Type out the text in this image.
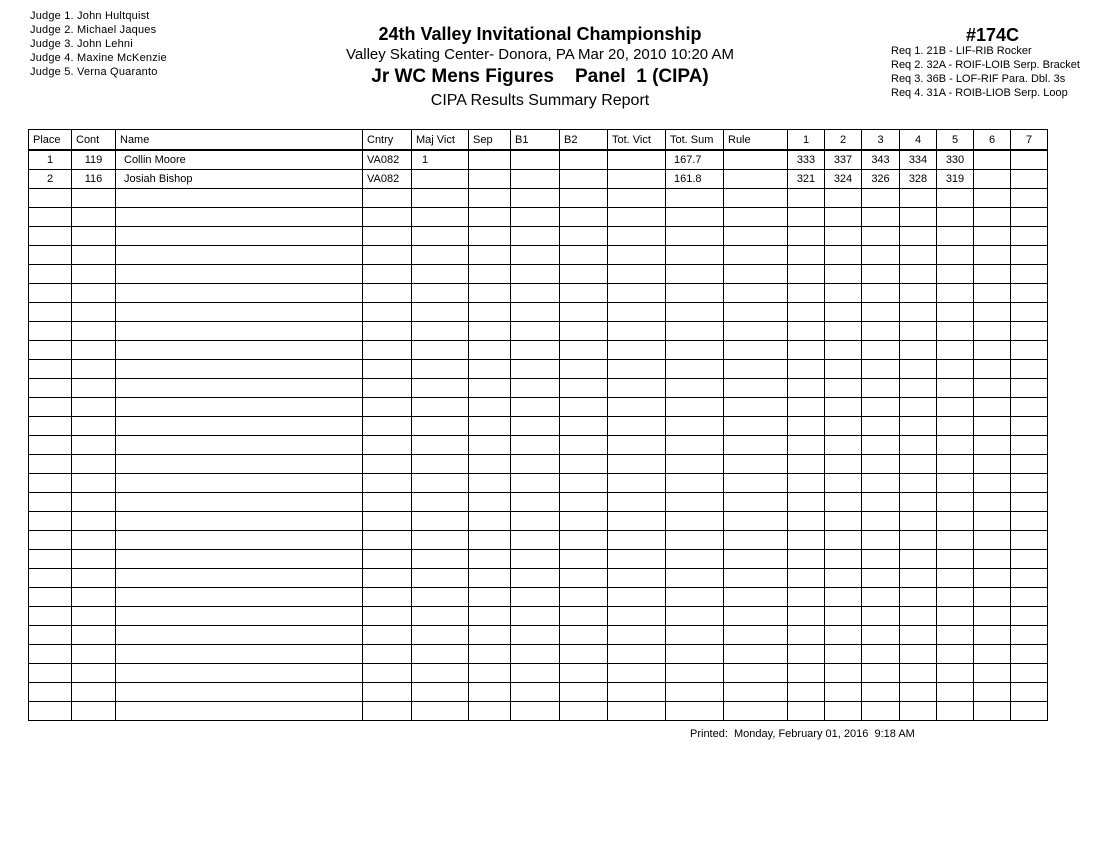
Judge 1. John Hultquist
Judge 2. Michael Jaques
Judge 3. John Lehni
Judge 4. Maxine McKenzie
Judge 5. Verna Quaranto
24th Valley Invitational Championship
Valley Skating Center- Donora, PA Mar 20, 2010 10:20 AM
Jr WC Mens Figures    Panel  1 (CIPA)
CIPA Results Summary Report
#174C
Req 1. 21B - LIF-RIB Rocker
Req 2. 32A - ROIF-LOIB Serp. Bracket
Req 3. 36B - LOF-RIF Para. Dbl. 3s
Req 4. 31A - ROIB-LIOB Serp. Loop
Place	Cont	Name	Cntry	Maj Vict	Sep	B1	B2	Tot. Vict	Tot. Sum	Rule	1	2	3	4	5	6	7
1	119	Collin Moore	VA082	1					167.7		333	337	343	334	330		
2	116	Josiah Bishop	VA082						161.8		321	324	326	328	319		

Printed:  Monday, February 01, 2016  9:18 AM
